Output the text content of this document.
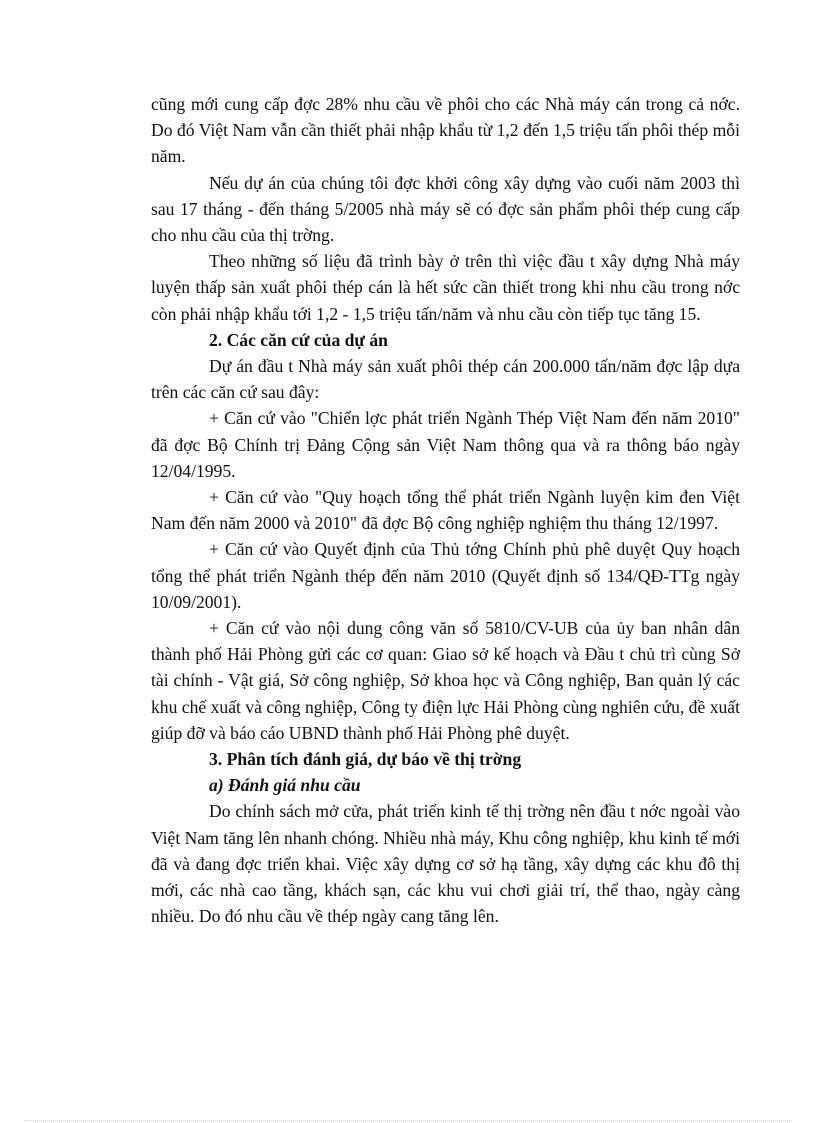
cũng mới cung cấp đợc 28% nhu cầu về phôi cho các Nhà máy cán trong cả nớc. Do đó Việt Nam vẫn cần thiết phải nhập khẩu từ 1,2 đến 1,5 triệu tấn phôi thép mỗi năm.

Nếu dự án của chúng tôi đợc khởi công xây dựng vào cuối năm 2003 thì sau 17 tháng - đến tháng 5/2005 nhà máy sẽ có đợc sản phẩm phôi thép cung cấp cho nhu cầu của thị trờng.

Theo những số liệu đã trình bày ở trên thì việc đầu t xây dựng Nhà máy luyện thấp sản xuất phôi thép cán là hết sức cần thiết trong khi nhu cầu trong nớc còn phải nhập khẩu tới 1,2 - 1,5 triệu tấn/năm và nhu cầu còn tiếp tục tăng 15.

2. Các căn cứ của dự án

Dự án đầu t Nhà máy sản xuất phôi thép cán 200.000 tấn/năm đợc lập dựa trên các căn cứ sau đây:

+ Căn cứ vào "Chiến lợc phát triển Ngành Thép Việt Nam đến năm 2010" đã đợc Bộ Chính trị Đảng Cộng sản Việt Nam thông qua và ra thông báo ngày 12/04/1995.

+ Căn cứ vào "Quy hoạch tổng thể phát triển Ngành luyện kim đen Việt Nam đến năm 2000 và 2010" đã đợc Bộ công nghiệp nghiệm thu tháng 12/1997.

+ Căn cứ vào Quyết định của Thủ tớng Chính phủ phê duyệt Quy hoạch tổng thể phát triển Ngành thép đến năm 2010 (Quyết định số 134/QĐ-TTg ngày 10/09/2001).

+ Căn cứ vào nội dung công văn số 5810/CV-UB của ủy ban nhân dân thành phố Hải Phòng gửi các cơ quan: Giao sở kế hoạch và Đầu t chủ trì cùng Sở tài chính - Vật giá, Sở công nghiệp, Sở khoa học và Công nghiệp, Ban quản lý các khu chế xuất và công nghiệp, Công ty điện lực Hải Phòng cùng nghiên cứu, đề xuất giúp đỡ và báo cáo UBND thành phố Hải Phòng phê duyệt.

3. Phân tích đánh giá, dự báo về thị trờng

a) Đánh giá nhu cầu

Do chính sách mở cửa, phát triển kinh tế thị trờng nên đầu t nớc ngoài vào Việt Nam tăng lên nhanh chóng. Nhiều nhà máy, Khu công nghiệp, khu kinh tế mới đã và đang đợc triển khai. Việc xây dựng cơ sở hạ tầng, xây dựng các khu đô thị mới, các nhà cao tầng, khách sạn, các khu vui chơi giải trí, thể thao, ngày càng nhiều. Do đó nhu cầu về thép ngày cang tăng lên.
